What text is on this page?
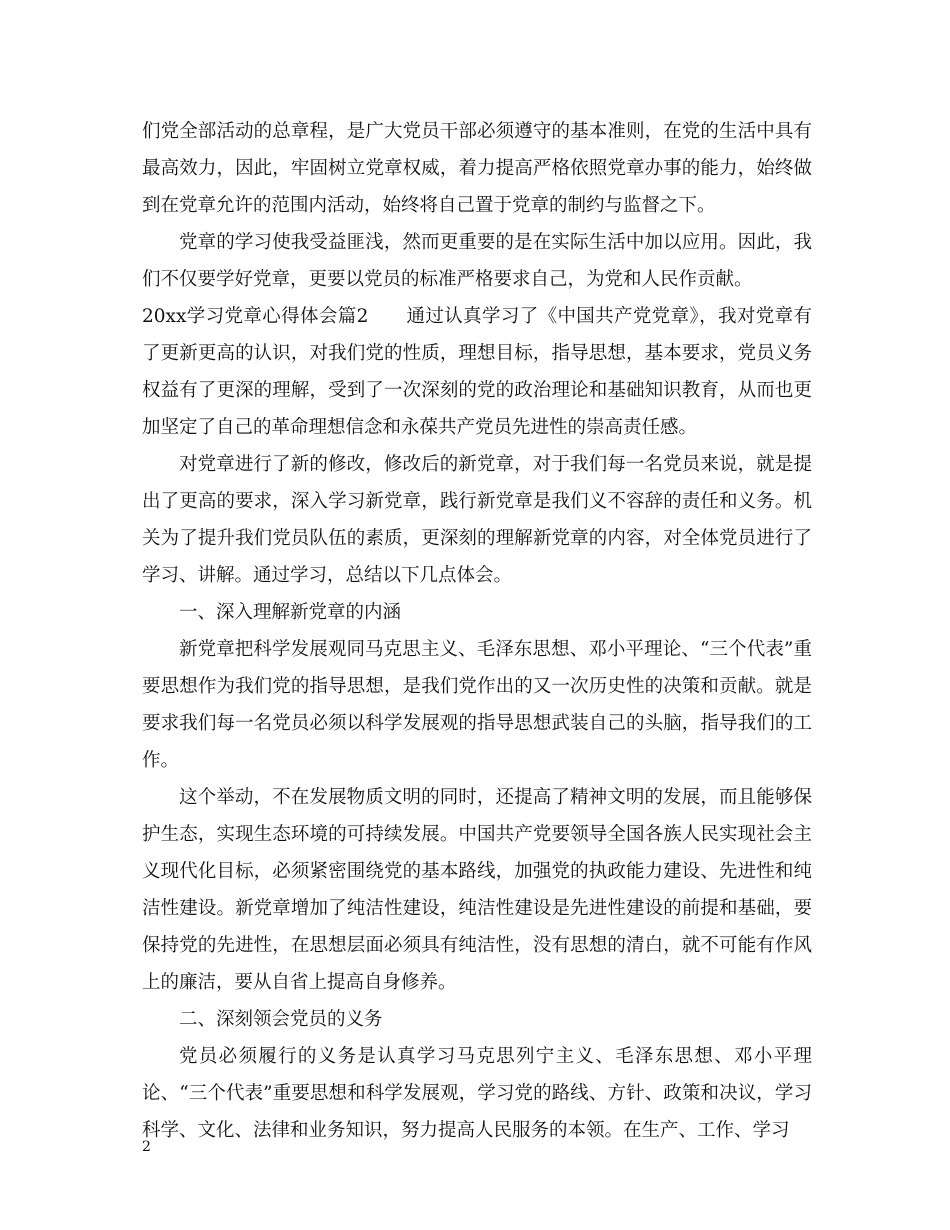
们党全部活动的总章程，是广大党员干部必须遵守的基本准则，在党的生活中具有最高效力，因此，牢固树立党章权威，着力提高严格依照党章办事的能力，始终做到在党章允许的范围内活动，始终将自己置于党章的制约与监督之下。

党章的学习使我受益匪浅，然而更重要的是在实际生活中加以应用。因此，我们不仅要学好党章，更要以党员的标准严格要求自己，为党和人民作贡献。

20xx学习党章心得体会篇2　　通过认真学习了《中国共产党党章》，我对党章有了更新更高的认识，对我们党的性质，理想目标，指导思想，基本要求，党员义务权益有了更深的理解，受到了一次深刻的党的政治理论和基础知识教育，从而也更加坚定了自己的革命理想信念和永葆共产党员先进性的崇高责任感。

对党章进行了新的修改，修改后的新党章，对于我们每一名党员来说，就是提出了更高的要求，深入学习新党章，践行新党章是我们义不容辞的责任和义务。机关为了提升我们党员队伍的素质，更深刻的理解新党章的内容，对全体党员进行了学习、讲解。通过学习，总结以下几点体会。

一、深入理解新党章的内涵

新党章把科学发展观同马克思主义、毛泽东思想、邓小平理论、“三个代表”重要思想作为我们党的指导思想，是我们党作出的又一次历史性的决策和贡献。就是要求我们每一名党员必须以科学发展观的指导思想武装自己的头脑，指导我们的工作。

这个举动，不在发展物质文明的同时，还提高了精神文明的发展，而且能够保护生态，实现生态环境的可持续发展。中国共产党要领导全国各族人民实现社会主义现代化目标，必须紧密围绕党的基本路线，加强党的执政能力建设、先进性和纯洁性建设。新党章增加了纯洁性建设，纯洁性建设是先进性建设的前提和基础，要保持党的先进性，在思想层面必须具有纯洁性，没有思想的清白，就不可能有作风上的廉洁，要从自省上提高自身修养。

二、深刻领会党员的义务

党员必须履行的义务是认真学习马克思列宁主义、毛泽东思想、邓小平理论、“三个代表”重要思想和科学发展观，学习党的路线、方针、政策和决议，学习科学、文化、法律和业务知识，努力提高人民服务的本领。在生产、工作、学习

2
